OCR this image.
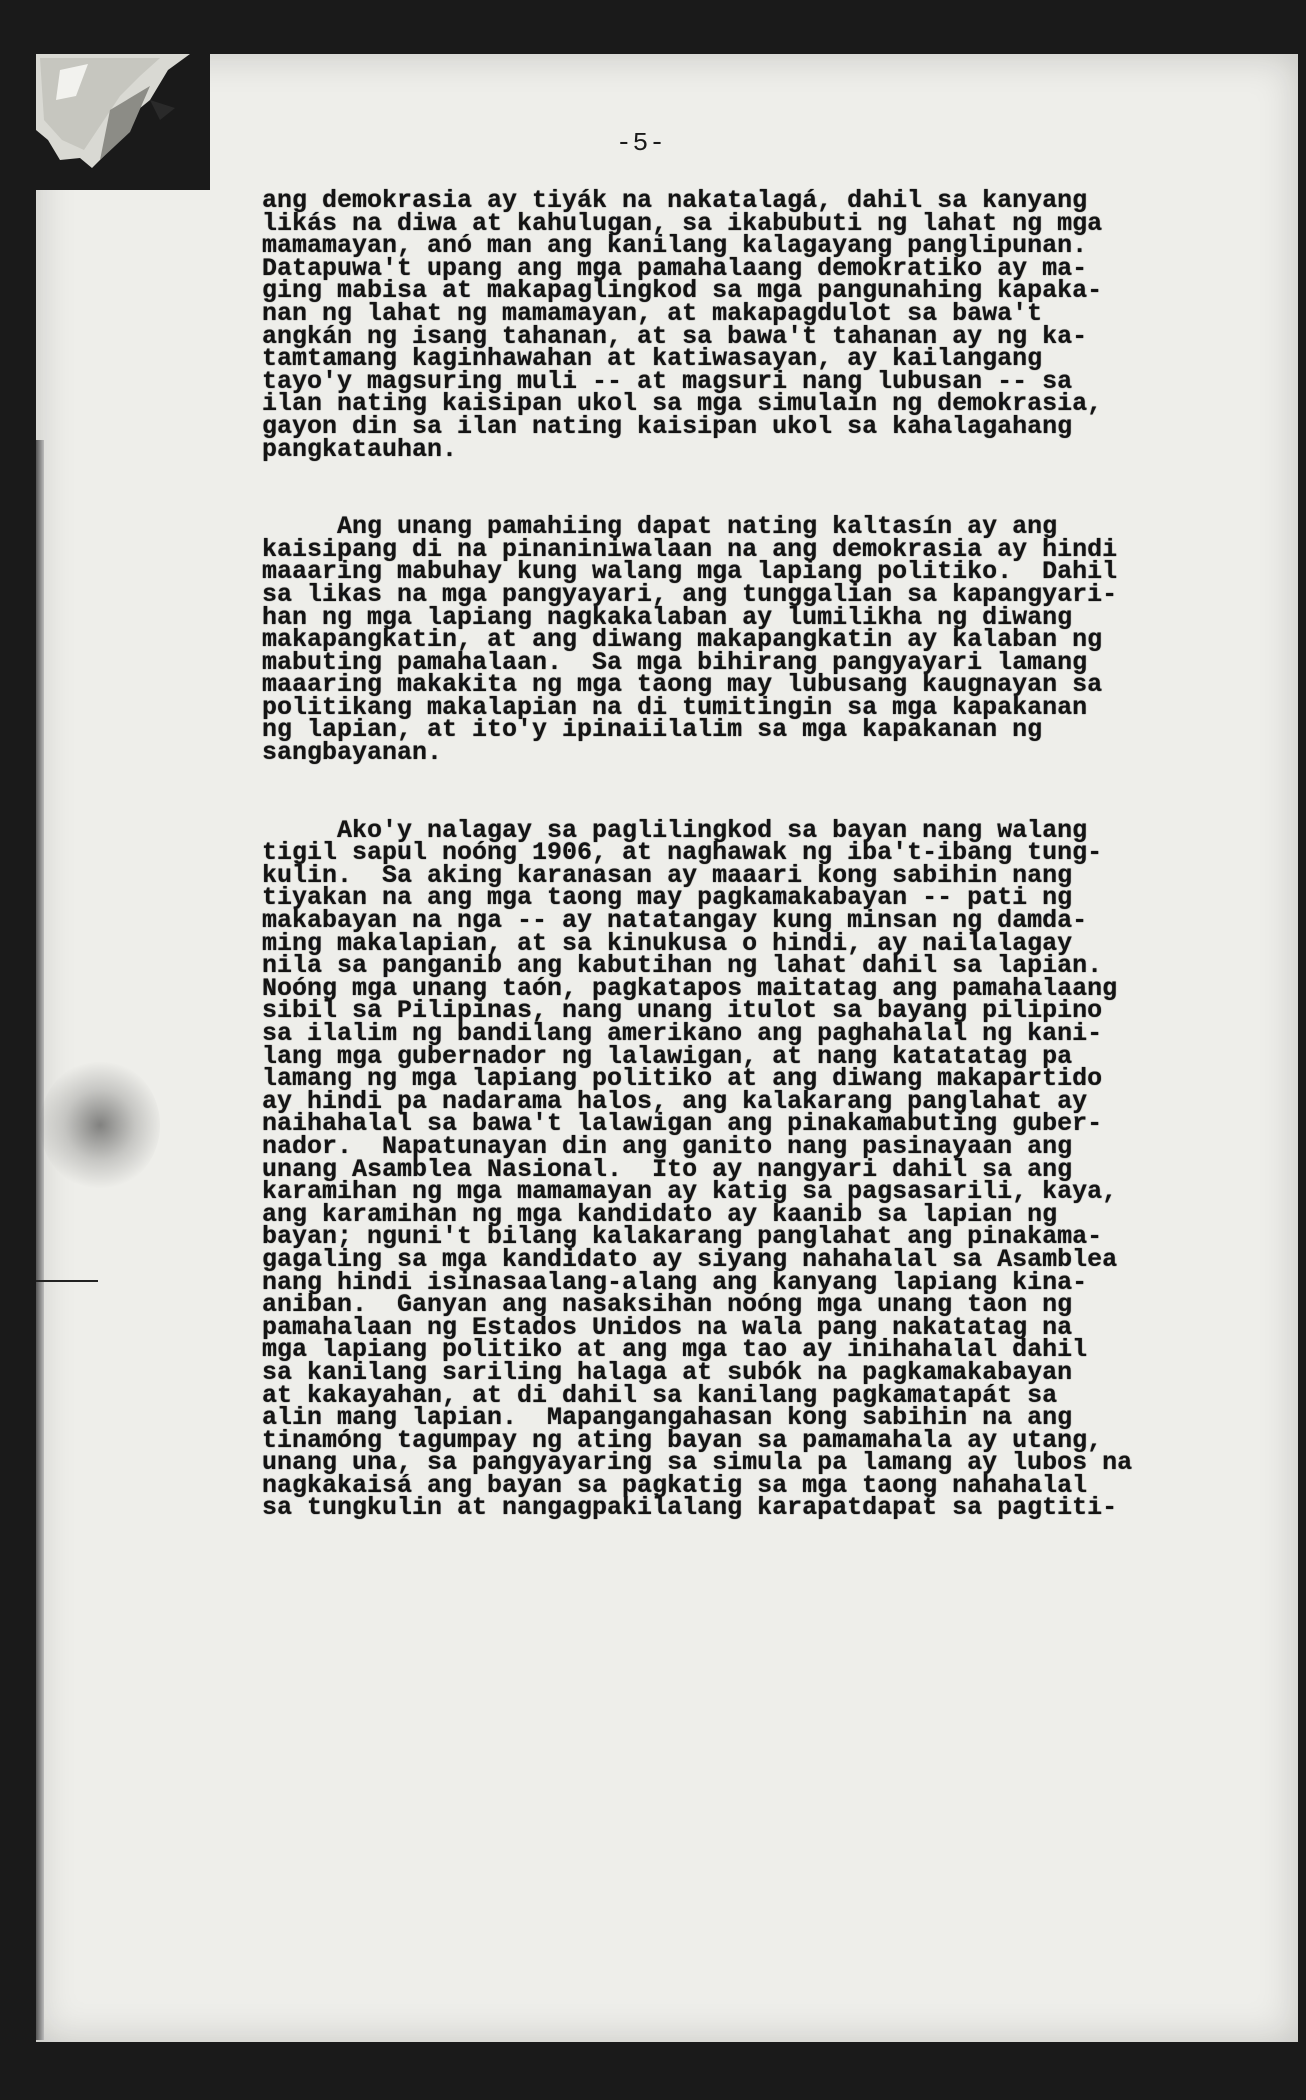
-5-

ang demokrasia ay tiyák na nakatalagá, dahil sa kanyang
likás na diwa at kahulugan, sa ikabubuti ng lahat ng mga
mamamayan, anó man ang kanilang kalagayang panglipunan.
Datapuwa't upang ang mga pamahalaang demokratiko ay ma-
ging mabisa at makapaglingkod sa mga pangunahing kapaka-
nan ng lahat ng mamamayan, at makapagdulot sa bawa't
angkán ng isang tahanan, at sa bawa't tahanan ay ng ka-
tamtamang kaginhawahan at katiwasayan, ay kailangang
tayo'y magsuring muli -- at magsuri nang lubusan -- sa
ilan nating kaisipan ukol sa mga simulain ng demokrasia,
gayon din sa ilan nating kaisipan ukol sa kahalagahang
pangkatauhan.

Ang unang pamahiing dapat nating kaltasín ay ang
kaisipang di na pinaniniwalaan na ang demokrasia ay hindi
maaaring mabuhay kung walang mga lapiang politiko.  Dahil
sa likas na mga pangyayari, ang tunggalian sa kapangyari-
han ng mga lapiang nagkakalaban ay lumilikha ng diwang
makapangkatin, at ang diwang makapangkatin ay kalaban ng
mabuting pamahalaan.  Sa mga bihirang pangyayari lamang
maaaring makakita ng mga taong may lubusang kaugnayan sa
politikang makalapian na di tumitingin sa mga kapakanan
ng lapian, at ito'y ipinaiilalim sa mga kapakanan ng
sangbayanan.

Ako'y nalagay sa paglilingkod sa bayan nang walang
tigil sapul noóng 1906, at naghawak ng iba't-ibang tung-
kulin.  Sa aking karanasan ay maaari kong sabihin nang
tiyakan na ang mga taong may pagkamakabayan -- pati ng
makabayan na nga -- ay natatangay kung minsan ng damda-
ming makalapian, at sa kinukusa o hindi, ay nailalagay
nila sa panganib ang kabutihan ng lahat dahil sa lapian.
Noóng mga unang taón, pagkatapos maitatag ang pamahalaang
sibil sa Pilipinas, nang unang itulot sa bayang pilipino
sa ilalim ng bandilang amerikano ang paghahalal ng kani-
lang mga gubernador ng lalawigan, at nang katatatag pa
lamang ng mga lapiang politiko at ang diwang makapartido
ay hindi pa nadarama halos, ang kalakarang panglahat ay
naihahalal sa bawa't lalawigan ang pinakamabuting guber-
nador.  Napatunayan din ang ganito nang pasinayaan ang
unang Asamblea Nasional.  Ito ay nangyari dahil sa ang
karamihan ng mga mamamayan ay katig sa pagsasarili, kaya,
ang karamihan ng mga kandidato ay kaanib sa lapian ng
bayan; nguni't bilang kalakarang panglahat ang pinakama-
gagaling sa mga kandidato ay siyang nahahalal sa Asamblea
nang hindi isinasaalang-alang ang kanyang lapiang kina-
aniban.  Ganyan ang nasaksihan noóng mga unang taon ng
pamahalaan ng Estados Unidos na wala pang nakatatag na
mga lapiang politiko at ang mga tao ay inihahalal dahil
sa kanilang sariling halaga at subók na pagkamakabayan
at kakayahan, at di dahil sa kanilang pagkamatapát sa
alin mang lapian.  Mapangangahasan kong sabihin na ang
tinamóng tagumpay ng ating bayan sa pamamahala ay utang,
unang una, sa pangyayaring sa simula pa lamang ay lubos na
nagkakaisá ang bayan sa pagkatig sa mga taong nahahalal
sa tungkulin at nangagpakilalang karapatdapat sa pagtiti-
